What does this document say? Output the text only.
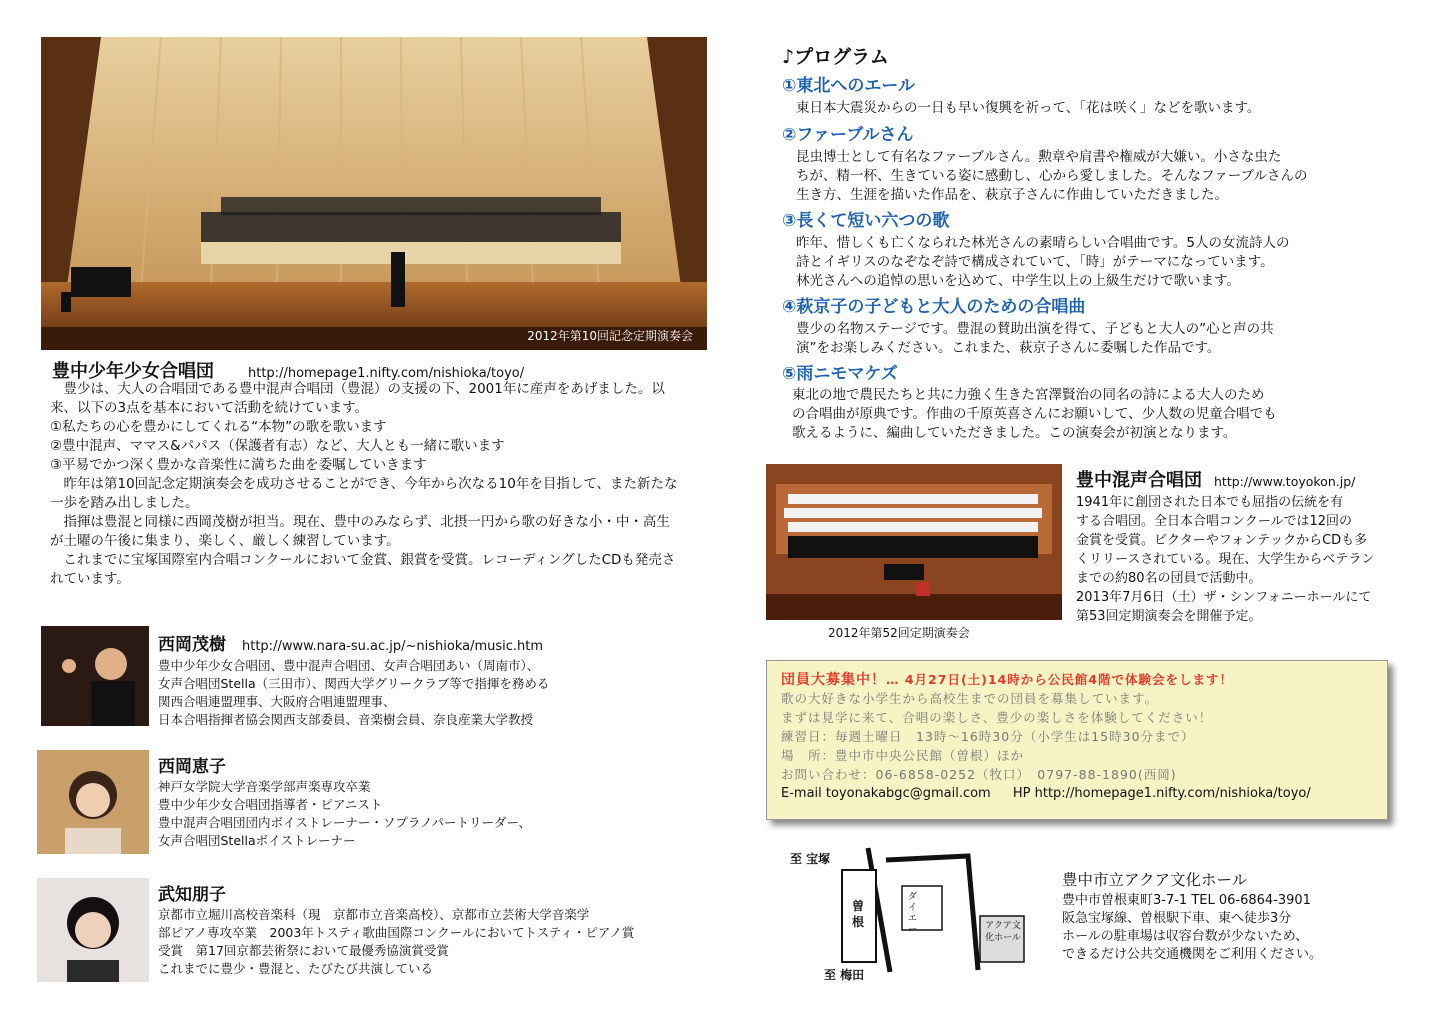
2012年第10回記念定期演奏会
豊中少年少女合唱団	http://homepage1.nifty.com/nishioka/toyo/

　豊少は、大人の合唱団である豊中混声合唱団（豊混）の支援の下、2001年に産声をあげました。以来、以下の3点を基本において活動を続けています。

①私たちの心を豊かにしてくれる“本物”の歌を歌います

②豊中混声、ママス&パパス（保護者有志）など、大人とも一緒に歌います

③平易でかつ深く豊かな音楽性に満ちた曲を委嘱していきます

　昨年は第10回記念定期演奏会を成功させることができ、今年から次なる10年を目指して、また新たな一歩を踏み出しました。

　指揮は豊混と同様に西岡茂樹が担当。現在、豊中のみならず、北摂一円から歌の好きな小・中・高生が土曜の午後に集まり、楽しく、厳しく練習しています。

　これまでに宝塚国際室内合唱コンクールにおいて金賞、銀賞を受賞。レコーディングしたCDも発売されています。

西岡茂樹 http://www.nara-su.ac.jp/~nishioka/music.htm
豊中少年少女合唱団、豊中混声合唱団、女声合唱団あい（周南市）、
女声合唱団Stella（三田市）、関西大学グリークラブ等で指揮を務める
関西合唱連盟理事、大阪府合唱連盟理事、
日本合唱指揮者協会関西支部委員、音楽樹会員、奈良産業大学教授
西岡恵子
神戸女学院大学音楽学部声楽専攻卒業
豊中少年少女合唱団指導者・ピアニスト
豊中混声合唱団団内ボイストレーナー・ソプラノパートリーダー、
女声合唱団Stellaボイストレーナー
武知朋子
京都市立堀川高校音楽科（現　京都市立音楽高校）、京都市立芸術大学音楽学
部ピアノ専攻卒業　2003年トスティ歌曲国際コンクールにおいてトスティ・ピアノ賞
受賞　第17回京都芸術祭において最優秀協演賞受賞
これまでに豊少・豊混と、たびたび共演している
♪プログラム
①東北へのエール
東日本大震災からの一日も早い復興を祈って、「花は咲く」などを歌います。
②ファーブルさん
昆虫博士として有名なファーブルさん。勲章や肩書や権威が大嫌い。小さな虫た
ちが、精一杯、生きている姿に感動し、心から愛しました。そんなファーブルさんの
生き方、生涯を描いた作品を、萩京子さんに作曲していただきました。
③長くて短い六つの歌
昨年、惜しくも亡くなられた林光さんの素晴らしい合唱曲です。5人の女流詩人の
詩とイギリスのなぞなぞ詩で構成されていて、「時」がテーマになっています。
林光さんへの追悼の思いを込めて、中学生以上の上級生だけで歌います。
④萩京子の子どもと大人のための合唱曲
豊少の名物ステージです。豊混の賛助出演を得て、子どもと大人の”心と声の共
演”をお楽しみください。これまた、萩京子さんに委嘱した作品です。
⑤雨ニモマケズ
東北の地で農民たちと共に力強く生きた宮澤賢治の同名の詩による大人のため
の合唱曲が原典です。作曲の千原英喜さんにお願いして、少人数の児童合唱でも
歌えるように、編曲していただきました。この演奏会が初演となります。
2012年第52回定期演奏会
豊中混声合唱団 http://www.toyokon.jp/
1941年に創団された日本でも屈指の伝統を有
する合唱団。全日本合唱コンクールでは12回の
金賞を受賞。ビクターやフォンテックからCDも多
くリリースされている。現在、大学生からベテラン
までの約80名の団員で活動中。
2013年7月6日（土）ザ・シンフォニーホールにて
第53回定期演奏会を開催予定。
団員大募集中！… 4月27日(土)14時から公民館4階で体験会をします！
歌の大好きな小学生から高校生までの団員を募集しています。
まずは見学に来て、合唱の楽しさ、豊少の楽しさを体験してください！
練習日：毎週土曜日　13時～16時30分（小学生は15時30分まで）
場　所：豊中市中央公民館（曽根）ほか
お問い合わせ：06-6858-0252（牧口）　0797-88-1890(西岡)
E-mail toyonakabgc@gmail.com HP http://homepage1.nifty.com/nishioka/toyo/
至 宝塚
至 梅田
曽根
ダイエー	アクア文化ホール
豊中市立アクア文化ホール
豊中市曽根東町3-7-1 TEL 06-6864-3901
阪急宝塚線、曽根駅下車、東へ徒歩3分
ホールの駐車場は収容台数が少ないため、
できるだけ公共交通機関をご利用ください。
